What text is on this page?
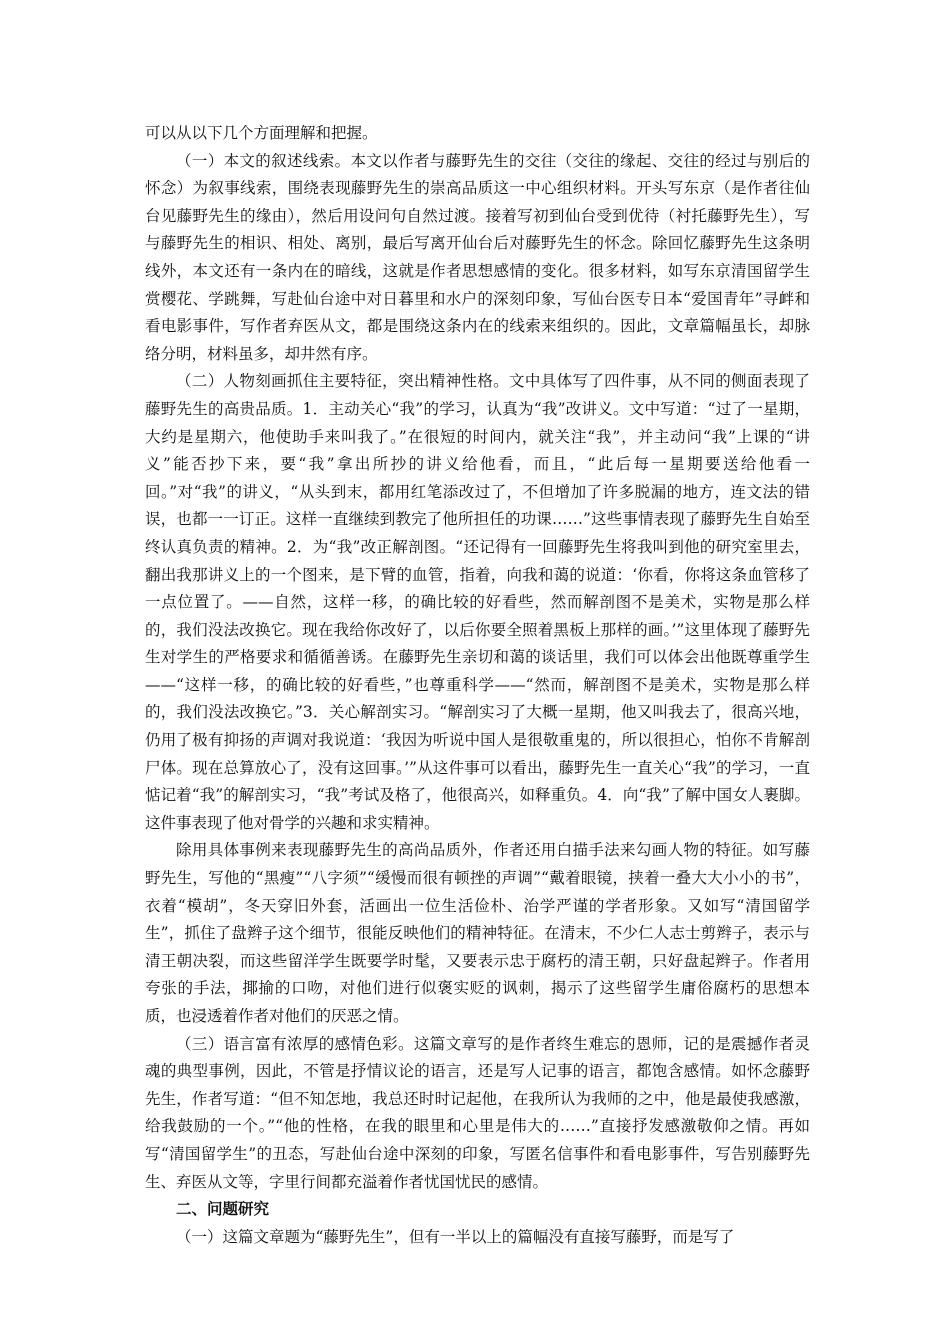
可以从以下几个方面理解和把握。

（一）本文的叙述线索。本文以作者与藤野先生的交往（交往的缘起、交往的经过与别后的怀念）为叙事线索，围绕表现藤野先生的崇高品质这一中心组织材料。开头写东京（是作者往仙台见藤野先生的缘由），然后用设问句自然过渡。接着写初到仙台受到优待（衬托藤野先生），写与藤野先生的相识、相处、离别，最后写离开仙台后对藤野先生的怀念。除回忆藤野先生这条明线外，本文还有一条内在的暗线，这就是作者思想感情的变化。很多材料，如写东京清国留学生赏樱花、学跳舞，写赴仙台途中对日暮里和水户的深刻印象，写仙台医专日本“爱国青年”寻衅和看电影事件，写作者弃医从文，都是围绕这条内在的线索来组织的。因此，文章篇幅虽长，却脉络分明，材料虽多，却井然有序。

（二）人物刻画抓住主要特征，突出精神性格。文中具体写了四件事，从不同的侧面表现了藤野先生的高贵品质。1．主动关心“我”的学习，认真为“我”改讲义。文中写道：“过了一星期，大约是星期六，他使助手来叫我了。”在很短的时间内，就关注“我”，并主动问“我”上课的“讲义”能否抄下来，要“我”拿出所抄的讲义给他看，而且，“此后每一星期要送给他看一回。”对“我”的讲义，“从头到末，都用红笔添改过了，不但增加了许多脱漏的地方，连文法的错误，也都一一订正。这样一直继续到教完了他所担任的功课……”这些事情表现了藤野先生自始至终认真负责的精神。2．为“我”改正解剖图。“还记得有一回藤野先生将我叫到他的研究室里去，翻出我那讲义上的一个图来，是下臂的血管，指着，向我和蔼的说道：‘你看，你将这条血管移了一点位置了。——自然，这样一移，的确比较的好看些，然而解剖图不是美术，实物是那么样的，我们没法改换它。现在我给你改好了，以后你要全照着黑板上那样的画。’”这里体现了藤野先生对学生的严格要求和循循善诱。在藤野先生亲切和蔼的谈话里，我们可以体会出他既尊重学生——“这样一移，的确比较的好看些，”也尊重科学——“然而，解剖图不是美术，实物是那么样的，我们没法改换它。”3．关心解剖实习。“解剖实习了大概一星期，他又叫我去了，很高兴地，仍用了极有抑扬的声调对我说道：‘我因为听说中国人是很敬重鬼的，所以很担心，怕你不肯解剖尸体。现在总算放心了，没有这回事。’”从这件事可以看出，藤野先生一直关心“我”的学习，一直惦记着“我”的解剖实习，“我”考试及格了，他很高兴，如释重负。4．向“我”了解中国女人裹脚。这件事表现了他对骨学的兴趣和求实精神。

除用具体事例来表现藤野先生的高尚品质外，作者还用白描手法来勾画人物的特征。如写藤野先生，写他的“黑瘦”“八字须”“缓慢而很有顿挫的声调”“戴着眼镜，挟着一叠大大小小的书”，衣着“模胡”，冬天穿旧外套，活画出一位生活俭朴、治学严谨的学者形象。又如写“清国留学生”，抓住了盘辫子这个细节，很能反映他们的精神特征。在清末，不少仁人志士剪辫子，表示与清王朝决裂，而这些留洋学生既要学时髦，又要表示忠于腐朽的清王朝，只好盘起辫子。作者用夸张的手法，揶揄的口吻，对他们进行似褒实贬的讽刺，揭示了这些留学生庸俗腐朽的思想本质，也浸透着作者对他们的厌恶之情。

（三）语言富有浓厚的感情色彩。这篇文章写的是作者终生难忘的恩师，记的是震撼作者灵魂的典型事例，因此，不管是抒情议论的语言，还是写人记事的语言，都饱含感情。如怀念藤野先生，作者写道：“但不知怎地，我总还时时记起他，在我所认为我师的之中，他是最使我感激，给我鼓励的一个。”“他的性格，在我的眼里和心里是伟大的……”直接抒发感激敬仰之情。再如写“清国留学生”的丑态，写赴仙台途中深刻的印象，写匿名信事件和看电影事件，写告别藤野先生、弃医从文等，字里行间都充溢着作者忧国忧民的感情。

二、问题研究

（一）这篇文章题为“藤野先生”，但有一半以上的篇幅没有直接写藤野，而是写了
